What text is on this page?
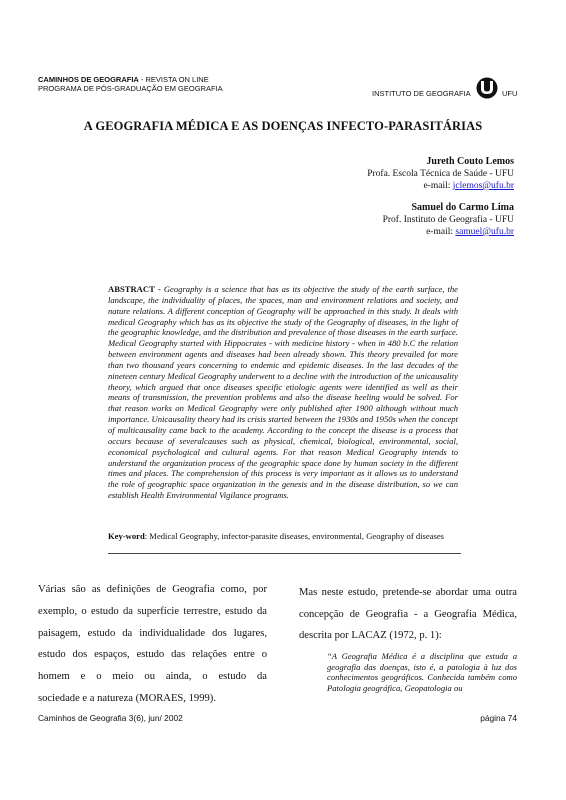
CAMINHOS DE GEOGRAFIA - REVISTA ON LINE
PROGRAMA DE PÓS-GRADUAÇÃO EM GEOGRAFIA
INSTITUTO DE GEOGRAFIA	UFU
A GEOGRAFIA MÉDICA E AS DOENÇAS INFECTO-PARASITÁRIAS
Jureth Couto Lemos
Profa. Escola Técnica de Saúde - UFU
e-mail: jclemos@ufu.br
Samuel do Carmo Lima
Prof. Instituto de Geografia - UFU
e-mail: samuel@ufu.br
ABSTRACT - Geography is a science that has as its objective the study of the earth surface, the landscape, the individuality of places, the spaces, man and environment relations and society, and nature relations. A different conception of Geography will be approached in this study. It deals with medical Geography which has as its objective the study of the Geography of diseases, in the light of the geographic knowledge, and the distribution and prevalence of those diseases in the earth surface. Medical Geography started with Hippocrates - with medicine history - when in 480 b.C the relation between environment agents and diseases had been already shown. This theory prevailed for more than two thousand years concerning to endemic and epidemic diseases. In the last decades of the nineteen century Medical Geography underwent to a decline with the introduction of the unicausality theory, which argued that once diseases specific etiologic agents were identified as well as their means of transmission, the prevention problems and also the disease heeling would be solved. For that reason works on Medical Geography were only published after 1900 although without much importance. Unicausality theory had its crisis started between the 1930s and 1950s when the concept of multicausality came back to the academy. According to the concept the disease is a process that occurs because of severalcauses such as physical, chemical, biological, environmental, social, economical psychological and cultural agents. For that reason Medical Geography intends to understand the organization process of the geographic space done by human society in the different times and places. The comprehension of this process is very important as it allows us to understand the role of geographic space organization in the genesis and in the disease distribution, so we can establish Health Environmental Vigilance programs.
Key-word: Medical Geography, infector-parasite diseases, environmental, Geography of diseases
Várias são as definições de Geografia como, por exemplo, o estudo da superfície terrestre, estudo da paisagem, estudo da individualidade dos lugares, estudo dos espaços, estudo das relações entre o homem e o meio ou ainda, o estudo da
sociedade e a natureza (MORAES, 1999).
Mas neste estudo, pretende-se abordar uma outra concepção de Geografia - a Geografia Médica, descrita por LACAZ (1972, p. 1):
“A Geografia Médica é a disciplina que estuda a geografia das doenças, isto é, a patologia à luz dos conhecimentos geográficos. Conhecida também como Patologia geográfica, Geopatologia ou
Caminhos de Geografia 3(6), jun/ 2002	página 74
